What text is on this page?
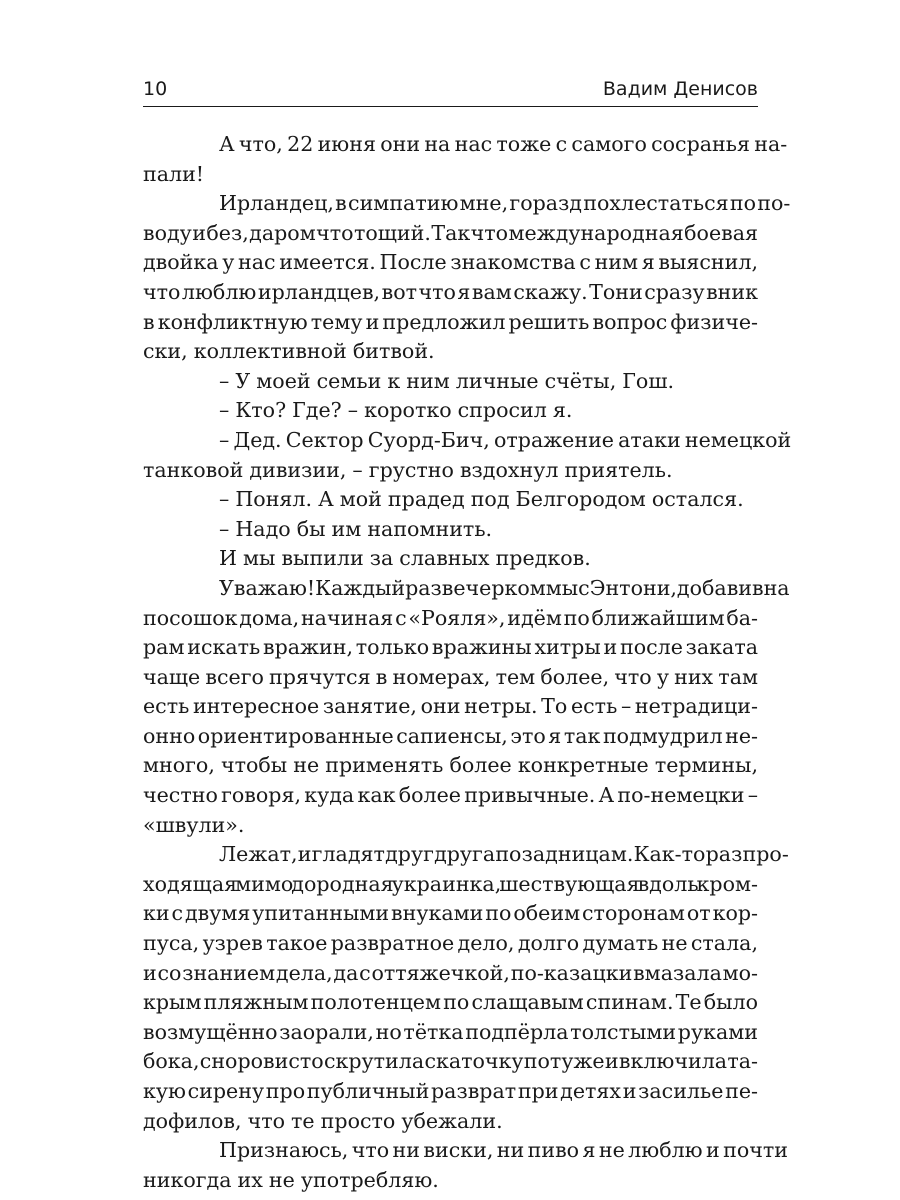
10	Вадим Денисов
А что, 22 июня они на нас тоже с самого сосранья на-
пали!
Ирландец, в симпатию мне, горазд похлестаться по по-
воду и без, даром что тощий. Так что международная боевая
двойка у нас имеется. После знакомства с ним я выяснил,
что люблю ирландцев, вот что я вам скажу. Тони сразу вник
в конфликтную тему и предложил решить вопрос физиче-
ски, коллективной битвой.
– У моей семьи к ним личные счёты, Гош.
– Кто? Где? – коротко спросил я.
– Дед. Сектор Суорд-Бич, отражение атаки немецкой
танковой дивизии, – грустно вздохнул приятель.
– Понял. А мой прадед под Белгородом остался.
– Надо бы им напомнить.
И мы выпили за славных предков.
Уважаю! Каждый раз вечерком мы с Энтони, добавив на
посошок дома, начиная с «Рояля», идём по ближайшим ба-
рам искать вражин, только вражины хитры и после заката
чаще всего прячутся в номерах, тем более, что у них там
есть интересное занятие, они нетры. То есть – нетрадици-
онно ориентированные сапиенсы, это я так подмудрил не-
много, чтобы не применять более конкретные термины,
честно говоря, куда как более привычные. А по-немецки –
«швули».
Лежат, и гладят друг друга по задницам. Как-то раз про-
ходящая мимо дородная украинка, шествующая вдоль кром-
ки с двумя упитанными внуками по обеим сторонам от кор-
пуса, узрев такое развратное дело, долго думать не стала,
и со знанием дела, да с оттяжечкой, по-казацки вмазала мо-
крым пляжным полотенцем по слащавым спинам. Те было
возмущённо заорали, но тётка подпёрла толстыми руками
бока, сноровисто скрутила скаточку потуже и включила та-
кую сирену про публичный разврат при детях и засилье пе-
дофилов, что те просто убежали.
Признаюсь, что ни виски, ни пиво я не люблю и почти
никогда их не употребляю.
